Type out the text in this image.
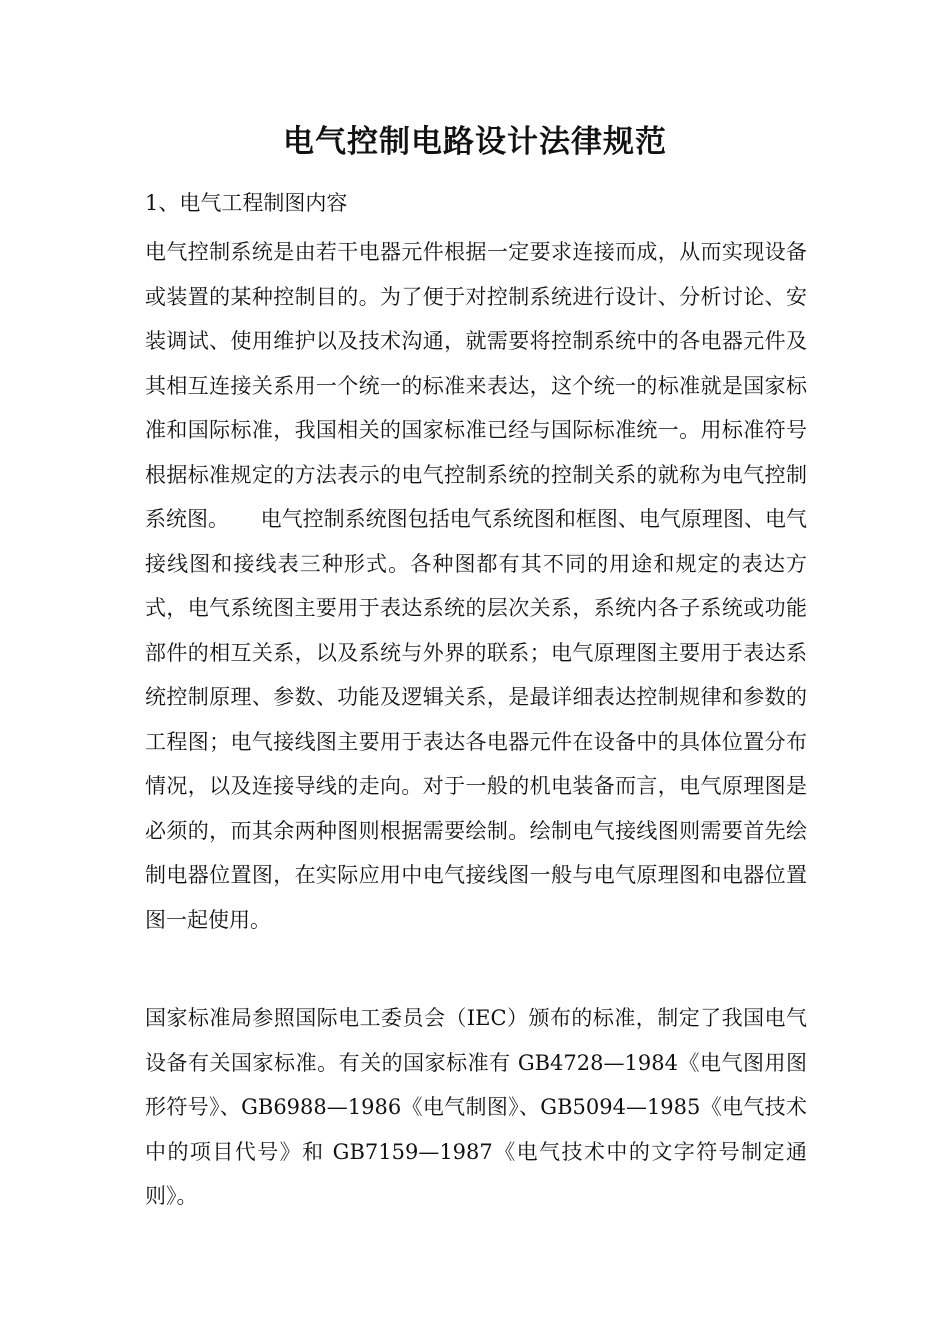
电气控制电路设计法律规范

1、电气工程制图内容

电气控制系统是由若干电器元件根据一定要求连接而成，从而实现设备或装置的某种控制目的。为了便于对控制系统进行设计、分析讨论、安装调试、使用维护以及技术沟通，就需要将控制系统中的各电器元件及其相互连接关系用一个统一的标准来表达，这个统一的标准就是国家标准和国际标准，我国相关的国家标准已经与国际标准统一。用标准符号根据标准规定的方法表示的电气控制系统的控制关系的就称为电气控制系统图。　　电气控制系统图包括电气系统图和框图、电气原理图、电气接线图和接线表三种形式。各种图都有其不同的用途和规定的表达方式，电气系统图主要用于表达系统的层次关系，系统内各子系统或功能部件的相互关系，以及系统与外界的联系；电气原理图主要用于表达系统控制原理、参数、功能及逻辑关系，是最详细表达控制规律和参数的工程图；电气接线图主要用于表达各电器元件在设备中的具体位置分布情况，以及连接导线的走向。对于一般的机电装备而言，电气原理图是必须的，而其余两种图则根据需要绘制。绘制电气接线图则需要首先绘制电器位置图，在实际应用中电气接线图一般与电气原理图和电器位置图一起使用。

国家标准局参照国际电工委员会（IEC）颁布的标准，制定了我国电气设备有关国家标准。有关的国家标准有 GB4728—1984《电气图用图形符号》、GB6988—1986《电气制图》、GB5094—1985《电气技术中的项目代号》和 GB7159—1987《电气技术中的文字符号制定通则》。
